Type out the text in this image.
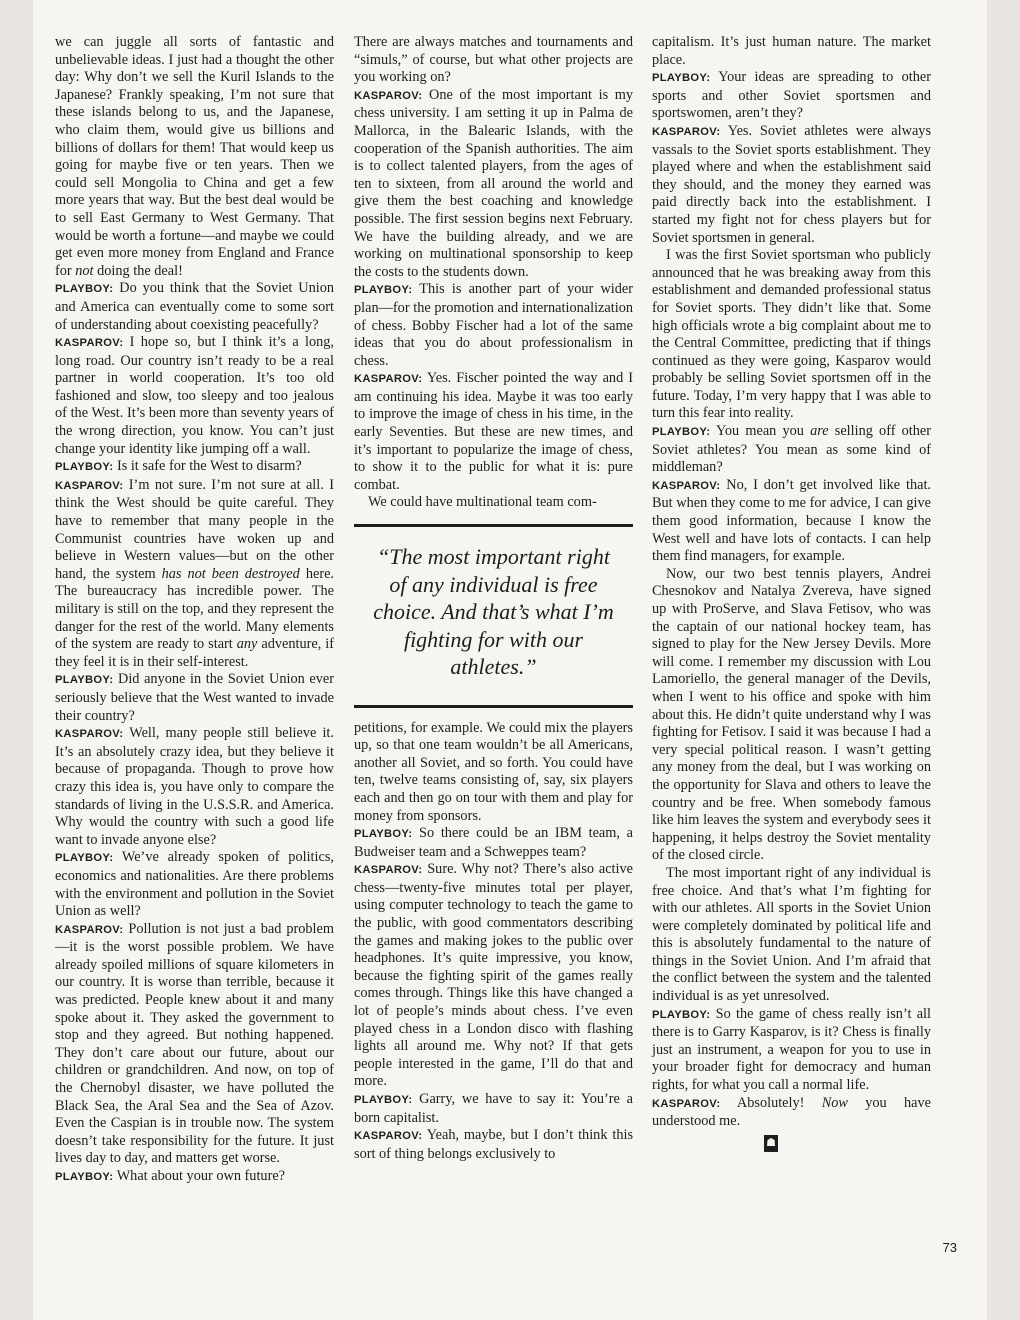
we can juggle all sorts of fantastic and unbelievable ideas. I just had a thought the other day: Why don’t we sell the Kuril Islands to the Japanese? Frankly speaking, I’m not sure that these islands belong to us, and the Japanese, who claim them, would give us billions and billions of dollars for them! That would keep us going for maybe five or ten years. Then we could sell Mongolia to China and get a few more years that way. But the best deal would be to sell East Germany to West Germany. That would be worth a fortune—and maybe we could get even more money from England and France for not doing the deal!

PLAYBOY: Do you think that the Soviet Union and America can eventually come to some sort of understanding about coexisting peacefully?

KASPAROV: I hope so, but I think it’s a long, long road. Our country isn’t ready to be a real partner in world cooperation. It’s too old fashioned and slow, too sleepy and too jealous of the West. It’s been more than seventy years of the wrong direction, you know. You can’t just change your identity like jumping off a wall.

PLAYBOY: Is it safe for the West to disarm?

KASPAROV: I’m not sure. I’m not sure at all. I think the West should be quite careful. They have to remember that many people in the Communist countries have woken up and believe in Western values—but on the other hand, the system has not been destroyed here. The bureaucracy has incredible power. The military is still on the top, and they represent the danger for the rest of the world. Many elements of the system are ready to start any adventure, if they feel it is in their self-interest.

PLAYBOY: Did anyone in the Soviet Union ever seriously believe that the West wanted to invade their country?

KASPAROV: Well, many people still believe it. It’s an absolutely crazy idea, but they believe it because of propaganda. Though to prove how crazy this idea is, you have only to compare the standards of living in the U.S.S.R. and America. Why would the country with such a good life want to invade anyone else?

PLAYBOY: We’ve already spoken of politics, economics and nationalities. Are there problems with the environment and pollution in the Soviet Union as well?

KASPAROV: Pollution is not just a bad problem—it is the worst possible problem. We have already spoiled millions of square kilometers in our country. It is worse than terrible, because it was predicted. People knew about it and many spoke about it. They asked the government to stop and they agreed. But nothing happened. They don’t care about our future, about our children or grandchildren. And now, on top of the Chernobyl disaster, we have polluted the Black Sea, the Aral Sea and the Sea of Azov. Even the Caspian is in trouble now. The system doesn’t take responsibility for the future. It just lives day to day, and matters get worse.

PLAYBOY: What about your own future?

There are always matches and tournaments and “simuls,” of course, but what other projects are you working on?

KASPAROV: One of the most important is my chess university. I am setting it up in Palma de Mallorca, in the Balearic Islands, with the cooperation of the Spanish authorities. The aim is to collect talented players, from the ages of ten to sixteen, from all around the world and give them the best coaching and knowledge possible. The first session begins next February. We have the building already, and we are working on multinational sponsorship to keep the costs to the students down.

PLAYBOY: This is another part of your wider plan—for the promotion and internationalization of chess. Bobby Fischer had a lot of the same ideas that you do about professionalism in chess.

KASPAROV: Yes. Fischer pointed the way and I am continuing his idea. Maybe it was too early to improve the image of chess in his time, in the early Seventies. But these are new times, and it’s important to popularize the image of chess, to show it to the public for what it is: pure combat.

We could have multinational team com-

“The most important right of any individual is free choice. And that’s what I’m fighting for with our athletes.”

petitions, for example. We could mix the players up, so that one team wouldn’t be all Americans, another all Soviet, and so forth. You could have ten, twelve teams consisting of, say, six players each and then go on tour with them and play for money from sponsors.

PLAYBOY: So there could be an IBM team, a Budweiser team and a Schweppes team?

KASPAROV: Sure. Why not? There’s also active chess—twenty-five minutes total per player, using computer technology to teach the game to the public, with good commentators describing the games and making jokes to the public over headphones. It’s quite impressive, you know, because the fighting spirit of the games really comes through. Things like this have changed a lot of people’s minds about chess. I’ve even played chess in a London disco with flashing lights all around me. Why not? If that gets people interested in the game, I’ll do that and more.

PLAYBOY: Garry, we have to say it: You’re a born capitalist.

KASPAROV: Yeah, maybe, but I don’t think this sort of thing belongs exclusively to

capitalism. It’s just human nature. The market place.

PLAYBOY: Your ideas are spreading to other sports and other Soviet sportsmen and sportswomen, aren’t they?

KASPAROV: Yes. Soviet athletes were always vassals to the Soviet sports establishment. They played where and when the establishment said they should, and the money they earned was paid directly back into the establishment. I started my fight not for chess players but for Soviet sportsmen in general.

I was the first Soviet sportsman who publicly announced that he was breaking away from this establishment and demanded professional status for Soviet sports. They didn’t like that. Some high officials wrote a big complaint about me to the Central Committee, predicting that if things continued as they were going, Kasparov would probably be selling Soviet sportsmen off in the future. Today, I’m very happy that I was able to turn this fear into reality.

PLAYBOY: You mean you are selling off other Soviet athletes? You mean as some kind of middleman?

KASPAROV: No, I don’t get involved like that. But when they come to me for advice, I can give them good information, because I know the West well and have lots of contacts. I can help them find managers, for example.

Now, our two best tennis players, Andrei Chesnokov and Natalya Zvereva, have signed up with ProServe, and Slava Fetisov, who was the captain of our national hockey team, has signed to play for the New Jersey Devils. More will come. I remember my discussion with Lou Lamoriello, the general manager of the Devils, when I went to his office and spoke with him about this. He didn’t quite understand why I was fighting for Fetisov. I said it was because I had a very special political reason. I wasn’t getting any money from the deal, but I was working on the opportunity for Slava and others to leave the country and be free. When somebody famous like him leaves the system and everybody sees it happening, it helps destroy the Soviet mentality of the closed circle.

The most important right of any individual is free choice. And that’s what I’m fighting for with our athletes. All sports in the Soviet Union were completely dominated by political life and this is absolutely fundamental to the nature of things in the Soviet Union. And I’m afraid that the conflict between the system and the talented individual is as yet unresolved.

PLAYBOY: So the game of chess really isn’t all there is to Garry Kasparov, is it? Chess is finally just an instrument, a weapon for you to use in your broader fight for democracy and human rights, for what you call a normal life.

KASPAROV: Absolutely! Now you have understood me.

☗
73
